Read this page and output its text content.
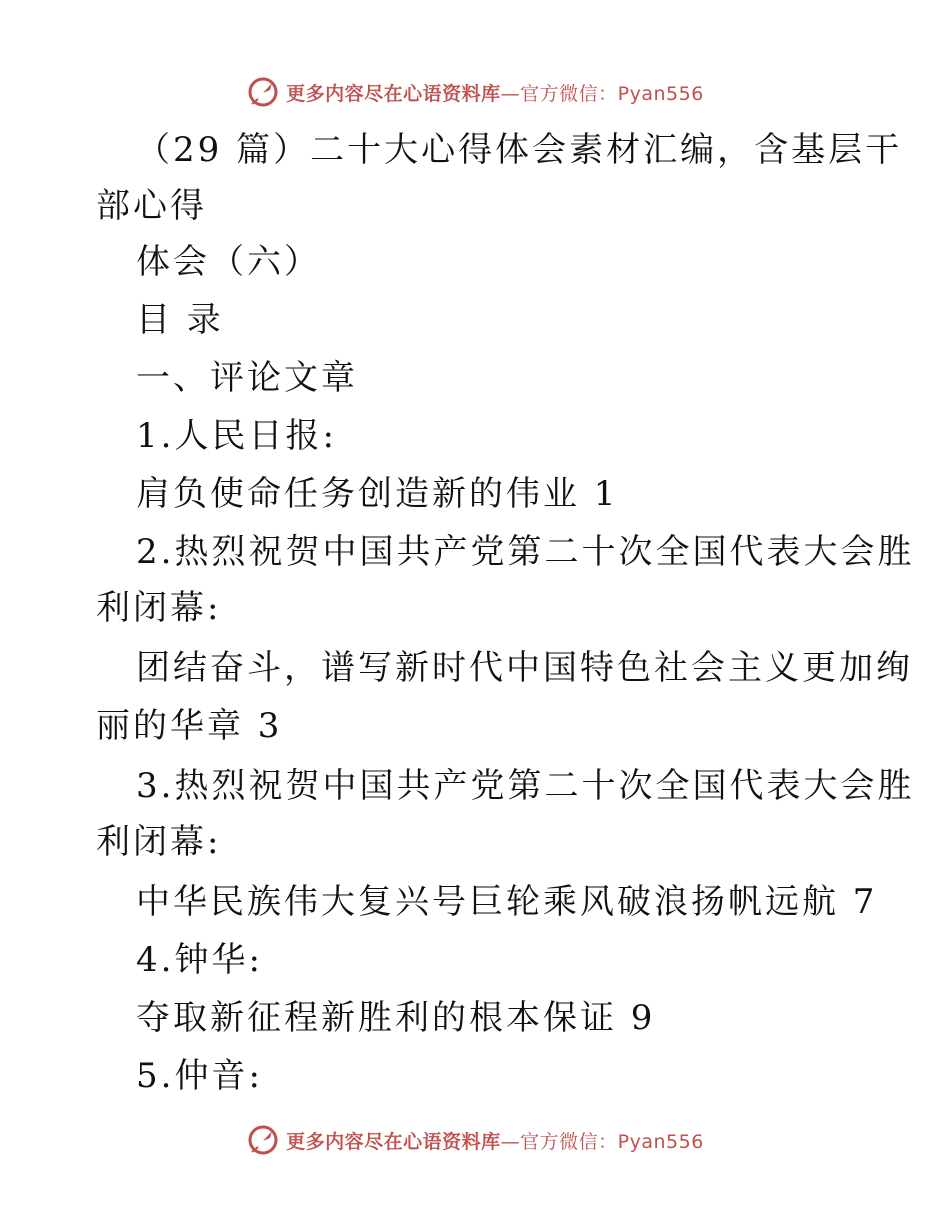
更多内容尽在心语资料库—官方微信：Pyan556
（29 篇）二十大心得体会素材汇编，含基层干
部心得
体会（六）
目 录
一、评论文章
1.人民日报:
肩负使命任务创造新的伟业 1
2.热烈祝贺中国共产党第二十次全国代表大会胜
利闭幕:
团结奋斗，谱写新时代中国特色社会主义更加绚
丽的华章 3
3.热烈祝贺中国共产党第二十次全国代表大会胜
利闭幕:
中华民族伟大复兴号巨轮乘风破浪扬帆远航 7
4.钟华:
夺取新征程新胜利的根本保证 9
5.仲音:
更多内容尽在心语资料库—官方微信：Pyan556
